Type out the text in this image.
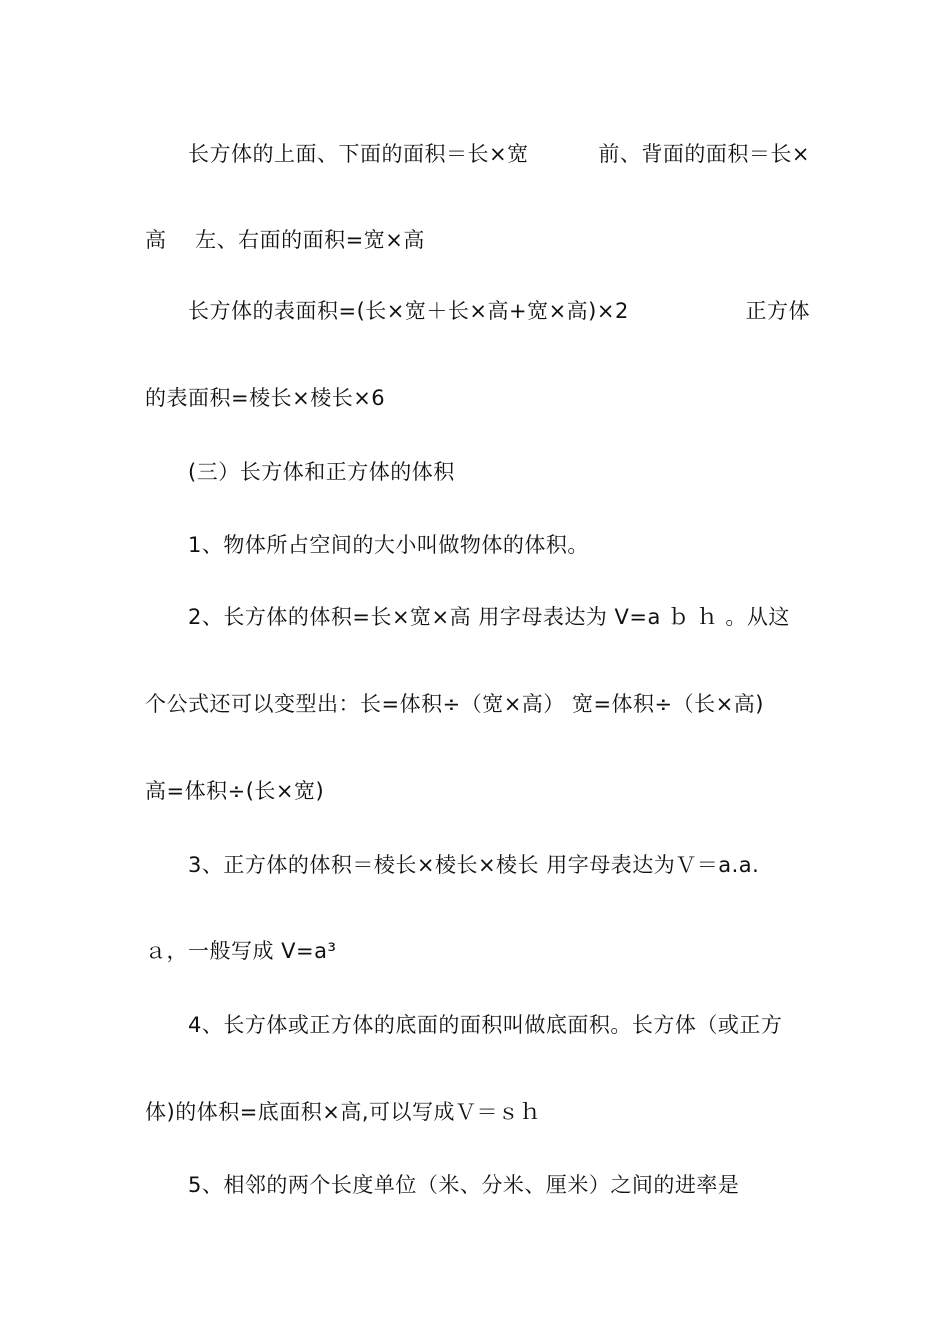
长方体的上面、下面的面积＝长×宽	前、背面的面积＝长×
高　 左、右面的面积=宽×高
长方体的表面积=(长×宽＋长×高+宽×高)×2	正方体
的表面积=棱长×棱长×6
(三）长方体和正方体的体积
1、物体所占空间的大小叫做物体的体积。
2、长方体的体积=长×宽×高 用字母表达为 V=a ｂ ｈ 。从这
个公式还可以变型出：长=体积÷（宽×高） 宽=体积÷（长×高)
高=体积÷(长×宽)
3、正方体的体积＝棱长×棱长×棱长 用字母表达为Ｖ＝a.a.
ａ，一般写成 V=a³
4、长方体或正方体的底面的面积叫做底面积。长方体（或正方
体)的体积=底面积×高,可以写成Ｖ＝ｓｈ
5、相邻的两个长度单位（米、分米、厘米）之间的进率是
